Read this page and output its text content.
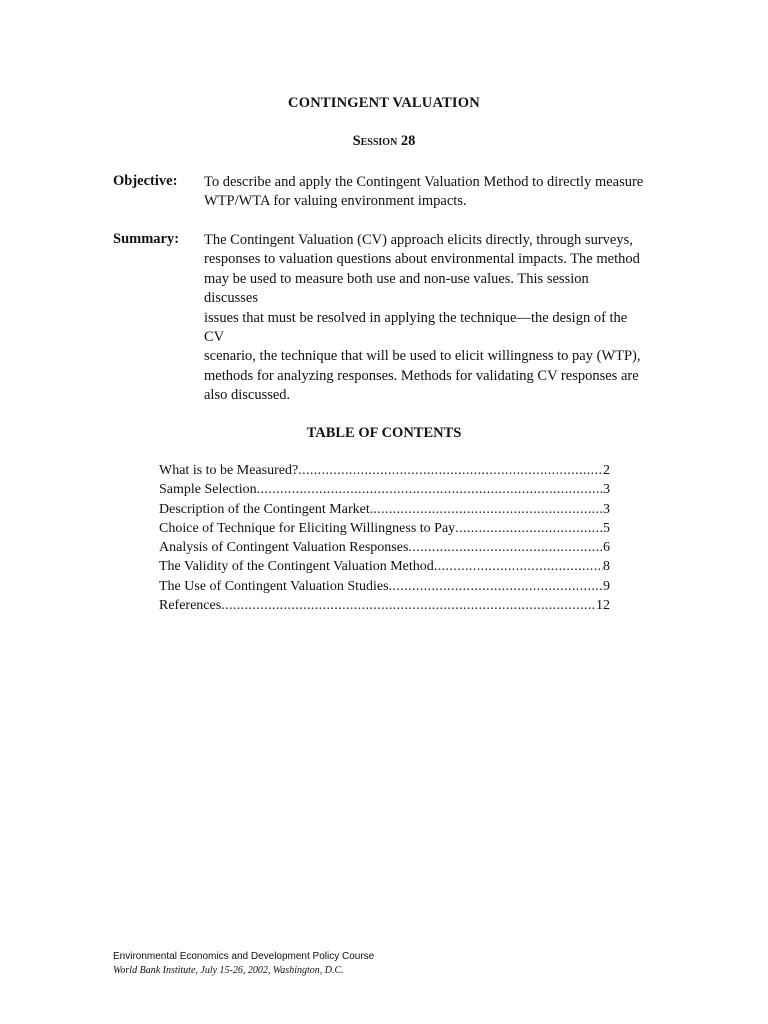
CONTINGENT VALUATION
Session 28
Objective: To describe and apply the Contingent Valuation Method to directly measure
WTP/WTA for valuing environment impacts.
Summary: The Contingent Valuation (CV) approach elicits directly, through surveys,
responses to valuation questions about environmental impacts. The method
may be used to measure both use and non-use values. This session discusses
issues that must be resolved in applying the technique—the design of the CV
scenario, the technique that will be used to elicit willingness to pay (WTP),
methods for analyzing responses. Methods for validating CV responses are
also discussed.
TABLE OF CONTENTS
What is to be Measured? .....	2
Sample Selection .....	3
Description of the Contingent Market. .....	3
Choice of Technique for Eliciting Willingness to Pay .....	5
Analysis of Contingent Valuation Responses .....	6
The Validity of the Contingent Valuation Method .....	8
The Use of Contingent Valuation Studies .....	9
References .....	12
Environmental Economics and Development Policy Course
World Bank Institute, July 15-26, 2002, Washington, D.C.
